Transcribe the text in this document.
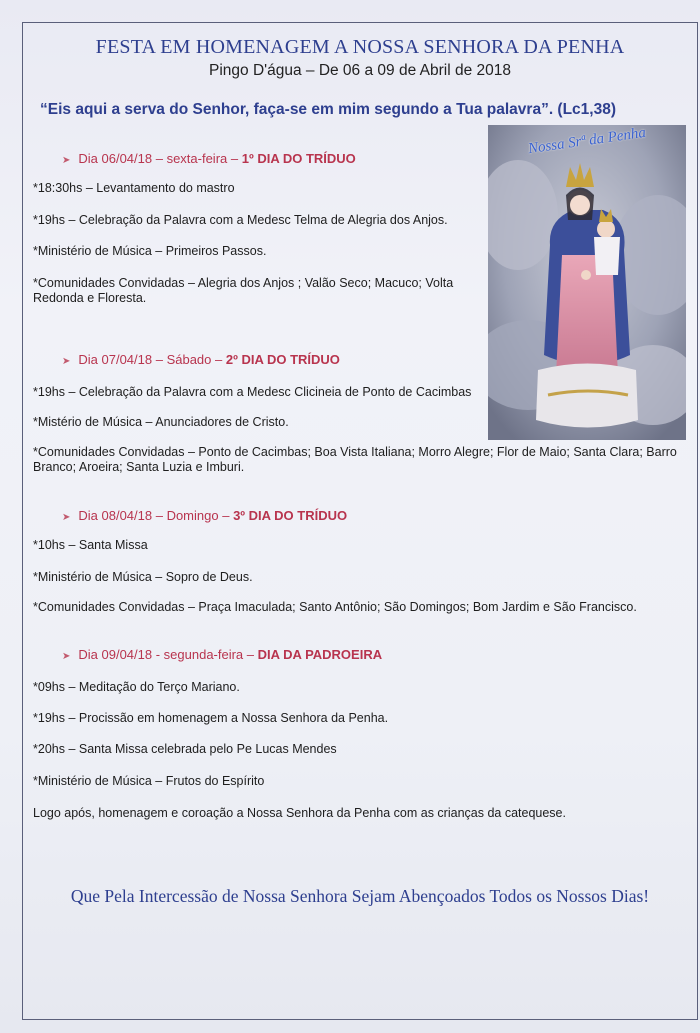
FESTA EM HOMENAGEM A NOSSA SENHORA DA PENHA
Pingo D'água – De 06 a 09 de Abril de 2018
“Eis aqui a serva do Senhor, faça-se em mim segundo a Tua palavra”. (Lc1,38)
Nossa Srª da Penha
➤ Dia 06/04/18 – sexta-feira – 1º DIA DO TRÍDUO
*18:30hs – Levantamento do mastro
*19hs – Celebração da Palavra com a Medesc Telma de Alegria dos Anjos.
*Ministério de Música – Primeiros Passos.
*Comunidades Convidadas – Alegria dos Anjos ; Valão Seco; Macuco; Volta Redonda e Floresta.
➤ Dia 07/04/18 – Sábado – 2º DIA DO TRÍDUO
*19hs – Celebração da Palavra com a Medesc Clicineia de Ponto de Cacimbas
*Mistério de Música – Anunciadores de Cristo.
*Comunidades Convidadas – Ponto de Cacimbas; Boa Vista Italiana; Morro Alegre; Flor de Maio; Santa Clara; Barro Branco; Aroeira; Santa Luzia e Imburi.
➤ Dia 08/04/18 – Domingo – 3º DIA DO TRÍDUO
*10hs – Santa Missa
*Ministério de Música – Sopro de Deus.
*Comunidades Convidadas – Praça Imaculada; Santo Antônio; São Domingos; Bom Jardim e São Francisco.
➤ Dia 09/04/18 - segunda-feira – DIA DA PADROEIRA
*09hs – Meditação do Terço Mariano.
*19hs – Procissão em homenagem a Nossa Senhora da Penha.
*20hs – Santa Missa celebrada pelo Pe Lucas Mendes
*Ministério de Música – Frutos do Espírito
Logo após, homenagem e coroação a Nossa Senhora da Penha com as crianças da catequese.
Que Pela Intercessão de Nossa Senhora Sejam Abençoados Todos os Nossos Dias!
